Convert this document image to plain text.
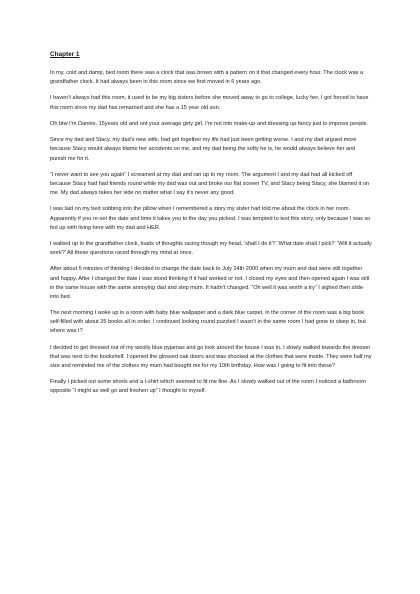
Chapter 1

In my, cold and damp, bed room there was a clock that was brown with a pattern on it that changed every hour. The clock was a grandfather clock. It had always been in this room since we first moved in 6 years ago.

I haven’t always had this room, it used to be my big sisters before she moved away to go to college, lucky her, I got forced to have this room since my dad has remarried and she has a 15 year old son.

Oh btw I’m Dannie, 15years old and not your average girly girl. I’m not into make-up and dressing up fancy just to impress people.

Since my dad and Stacy, my dad’s new wife, had got together my life had just been getting worse. I and my dad argued more because Stacy would always blame her accidents on me, and my dad being the softy he is, he would always believe her and punish me for it.

“I never want to see you again” I screamed at my dad and ran up to my room. The argument I and my dad had all kicked off because Stacy had had friends round while my dad was out and broke our flat screen TV, and Stacy being Stacy, she blamed it on me. My dad always takes her side no matter what I say it’s never any good.

I was laid on my bed sobbing into the pillow when I remembered a story my sister had told me about the clock in her room. Apparently if you re-set the date and time it takes you to the day you picked. I was tempted to test this story, only because I was so fed up with living here with my dad and HER.

I walked up to the grandfather clock, loads of thoughts racing though my head, ‘shall I do it?’ ‘What date shall I pick?’ ‘Will it actually work?’ All these questions raced through my mind at once.

After about 5 minutes of thinking I decided to change the date back to July 24th 2000 when my mum and dad were still together and happy. After I changed the date I was stood thinking if it had worked or not. I closed my eyes and then opened again I was still in the same house with the same annoying dad and step mum. It hadn’t changed. “Oh well it was worth a try” I sighed then slide into bed.

The next morning I woke up in a room with baby blue wallpaper and a dark blue carpet, in the corner of the room was a big book self-filled with about 35 books all in order. I continued looking round puzzled I wasn’t in the same room I had gone to sleep in, but where was I?

I decided to get dressed out of my woolly blue pyjamas and go look around the house I was in. I slowly walked towards the dresser that was next to the bookshelf. I opened the glossed oak doors and was shocked at the clothes that were inside. They were half my size and reminded me of the clothes my mum had bought me for my 10th birthday. How was I going to fit into these?

Finally I picked out some shorts and a t-shirt which seemed to fit me fine. As I slowly walked out of the room I noticed a bathroom opposite “I might as well go and freshen up” I thought to myself.
